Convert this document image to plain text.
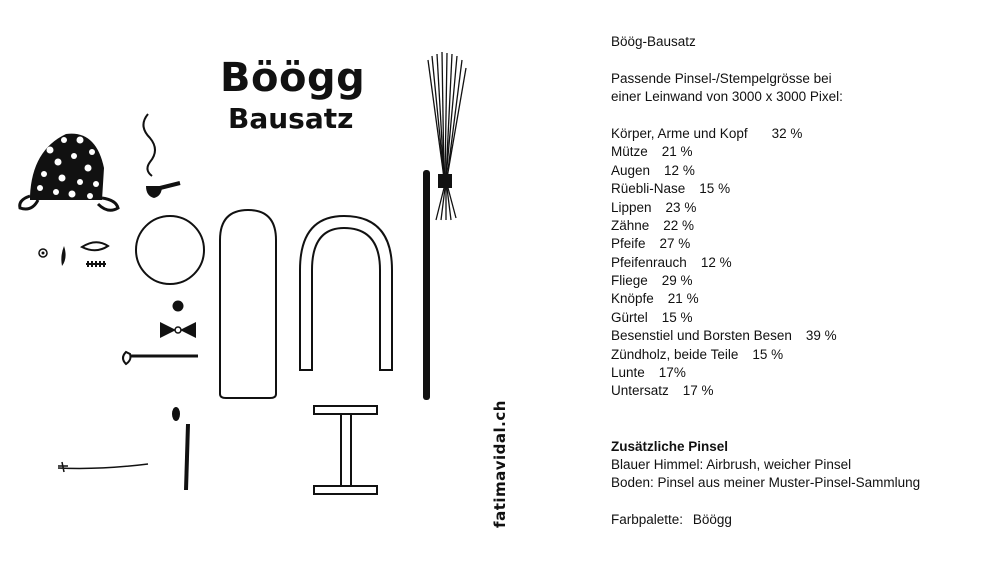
Böögg
Bausatz
fatimavidal.ch
Böög-Bausatz
Passende Pinsel-/Stempelgrösse bei
einer Leinwand von 3000 x 3000 Pixel:
Körper, Arme und Kopf 32 %
Mütze 21 %
Augen 12 %
Rüebli-Nase 15 %
Lippen 23 %
Zähne 22 %
Pfeife 27 %
Pfeifenrauch 12 %
Fliege 29 %
Knöpfe 21 %
Gürtel 15 %
Besenstiel und Borsten Besen 39 %
Zündholz, beide Teile 15 %
Lunte 17%
Untersatz 17 %
Zusätzliche Pinsel
Blauer Himmel: Airbrush, weicher Pinsel
Boden: Pinsel aus meiner Muster-Pinsel-Sammlung
Farbpalette: Böögg
